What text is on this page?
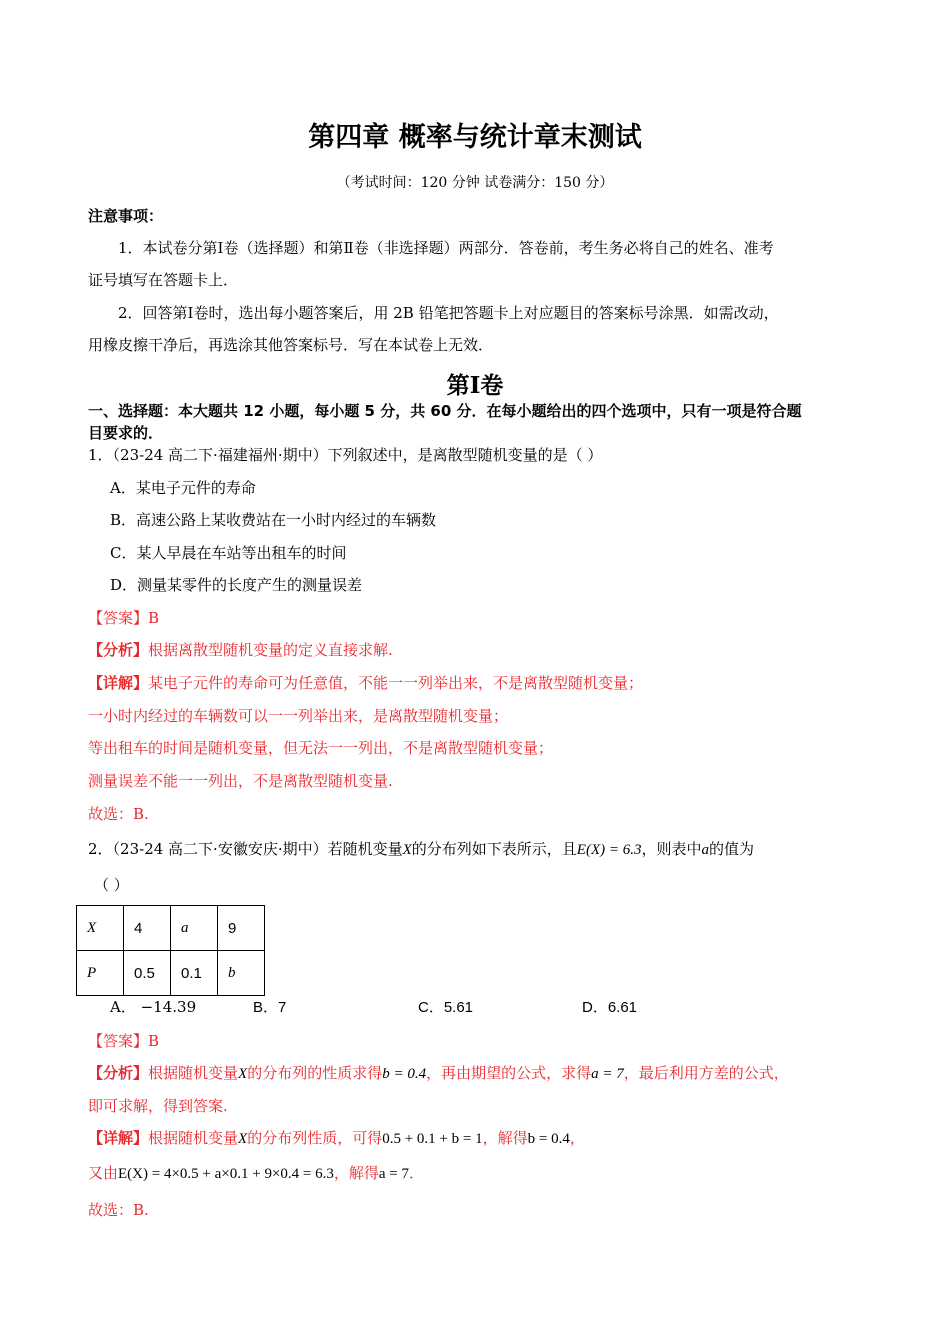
第四章 概率与统计章末测试
（考试时间：120 分钟 试卷满分：150 分）
注意事项：
1．本试卷分第Ⅰ卷（选择题）和第Ⅱ卷（非选择题）两部分．答卷前，考生务必将自己的姓名、准考
证号填写在答题卡上．
2．回答第Ⅰ卷时，选出每小题答案后，用 2B 铅笔把答题卡上对应题目的答案标号涂黑．如需改动，
用橡皮擦干净后，再选涂其他答案标号．写在本试卷上无效．
第Ⅰ卷
一、选择题：本大题共 12 小题，每小题 5 分，共 60 分．在每小题给出的四个选项中，只有一项是符合题
目要求的．
1．（23-24 高二下·福建福州·期中）下列叙述中，是离散型随机变量的是（ ）
A．某电子元件的寿命
B．高速公路上某收费站在一小时内经过的车辆数
C．某人早晨在车站等出租车的时间
D．测量某零件的长度产生的测量误差
【答案】B
【分析】根据离散型随机变量的定义直接求解.
【详解】某电子元件的寿命可为任意值，不能一一列举出来，不是离散型随机变量；
一小时内经过的车辆数可以一一列举出来，是离散型随机变量；
等出租车的时间是随机变量，但无法一一列出，不是离散型随机变量；
测量误差不能一一列出，不是离散型随机变量.
故选：B.
2．（23-24 高二下·安徽安庆·期中）若随机变量X的分布列如下表所示，且E(X) = 6.3，则表中a的值为
（ ）
X	4	a	9
P	0.5	0.1	b
A． −14.39	B．7	C．5.61	D．6.61
【答案】B
【分析】根据随机变量X的分布列的性质求得b = 0.4，再由期望的公式，求得a = 7，最后利用方差的公式，
即可求解，得到答案.
【详解】根据随机变量X的分布列性质，可得0.5 + 0.1 + b = 1，解得b = 0.4，
又由E(X) = 4×0.5 + a×0.1 + 9×0.4 = 6.3，解得a = 7．
故选：B.
